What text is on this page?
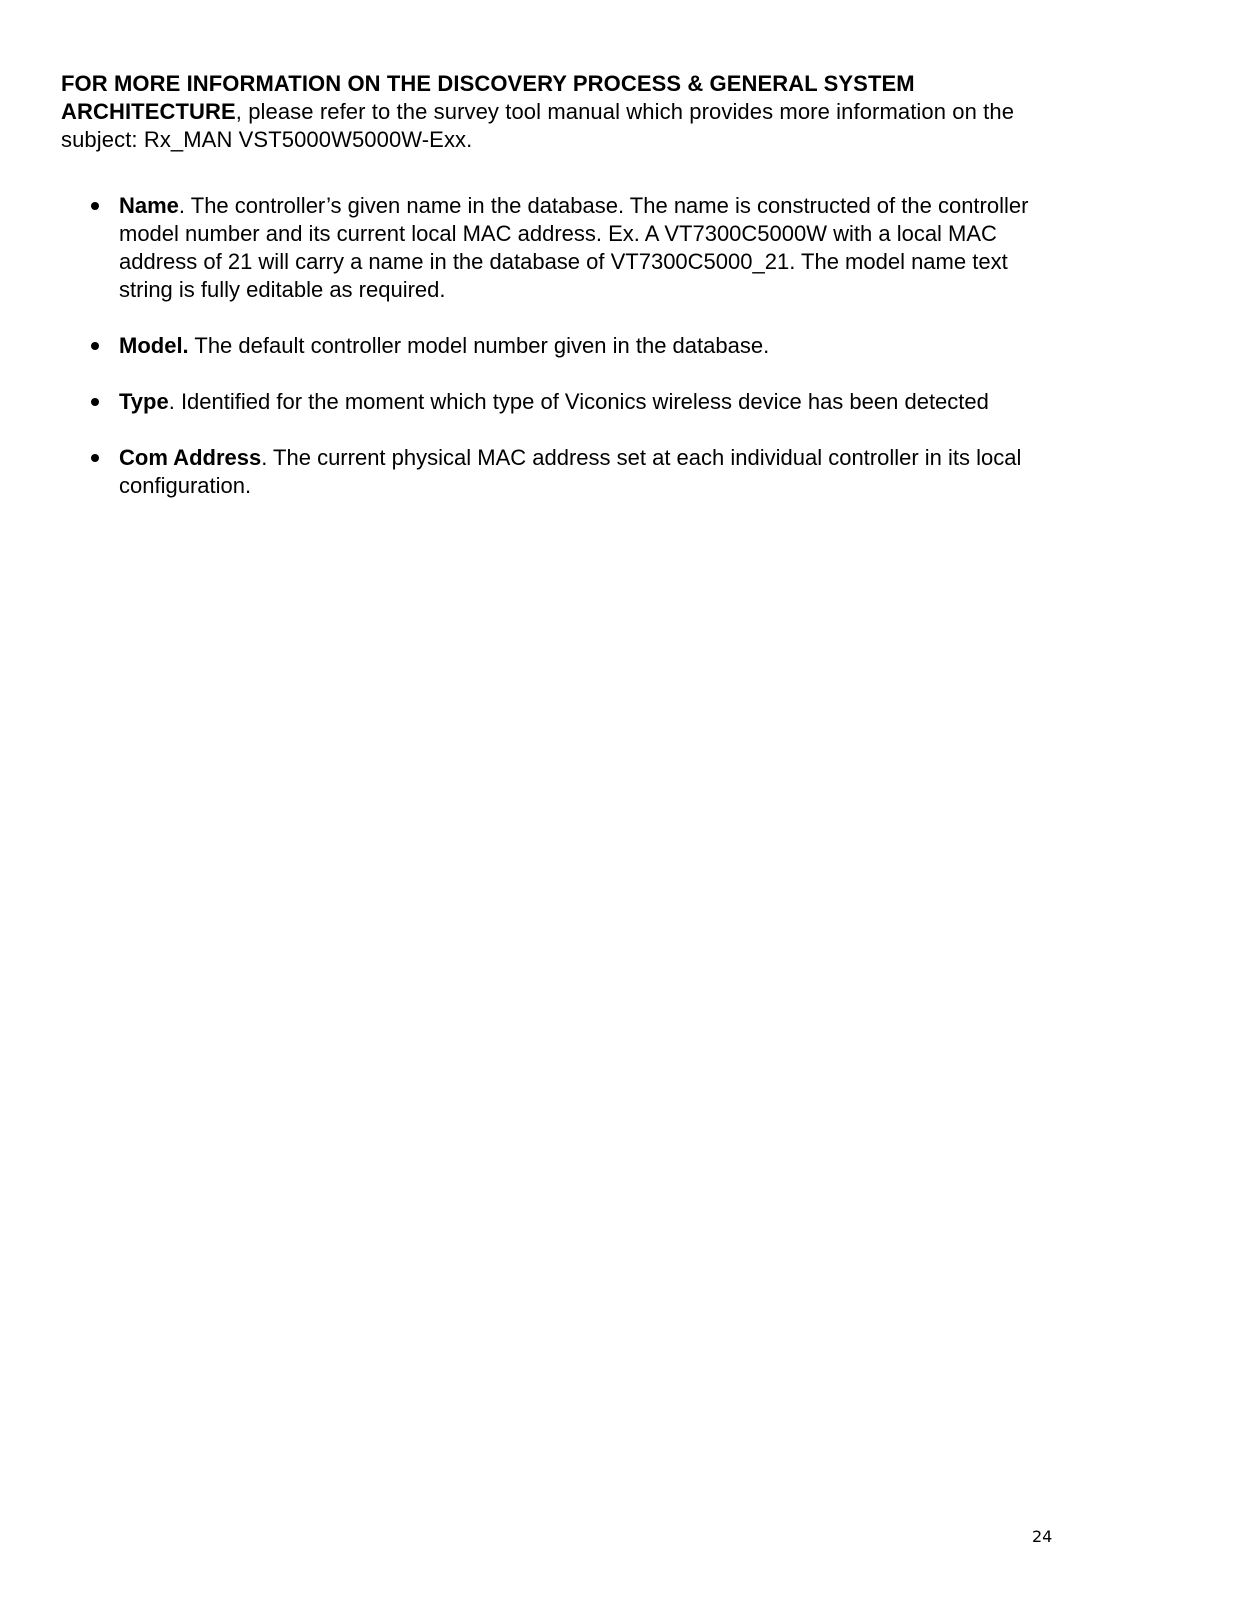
FOR MORE INFORMATION ON THE DISCOVERY PROCESS & GENERAL SYSTEM ARCHITECTURE, please refer to the survey tool manual which provides more information on the subject: Rx_MAN VST5000W5000W-Exx.

Name. The controller’s given name in the database. The name is constructed of the controller model number and its current local MAC address. Ex. A VT7300C5000W with a local MAC address of 21 will carry a name in the database of VT7300C5000_21. The model name text string is fully editable as required.
Model. The default controller model number given in the database.
Type. Identified for the moment which type of Viconics wireless device has been detected
Com Address. The current physical MAC address set at each individual controller in its local configuration.
24
